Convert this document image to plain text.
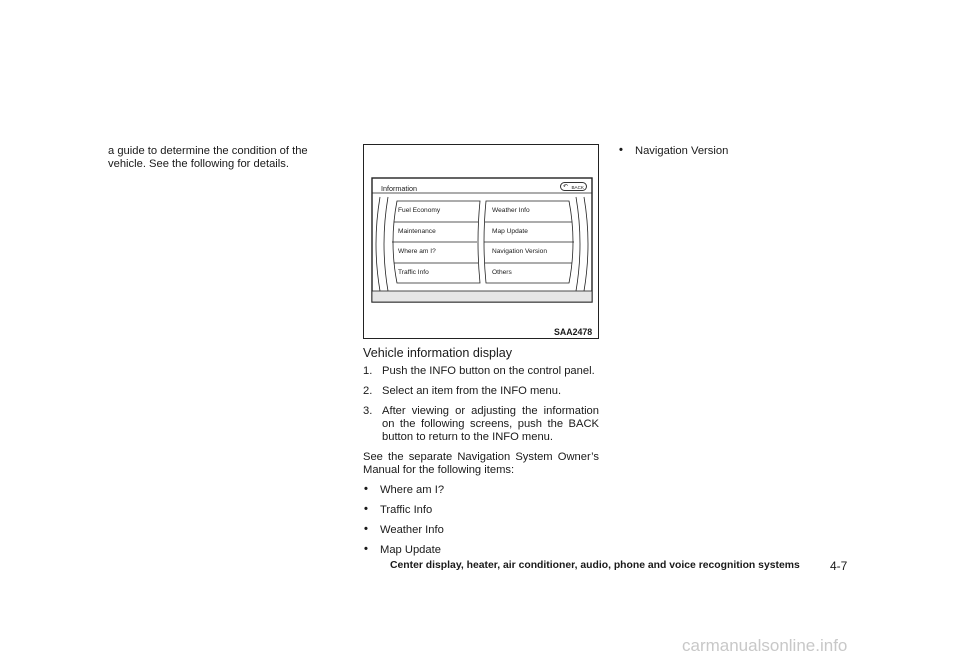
a guide to determine the condition of the vehicle. See the following for details.

Information	↶ BACK
Fuel Economy
Maintenance
Where am I?
Traffic Info
Weather Info
Map Update
Navigation Version
Others
SAA2478
Vehicle information display
1. Push the INFO button on the control panel.
2. Select an item from the INFO menu.
3. After viewing or adjusting the information on the following screens, push the BACK button to return to the INFO menu.

See the separate Navigation System Owner’s Manual for the following items:

• Where am I?
• Traffic Info
• Weather Info
• Map Update
• Navigation Version
Center display, heater, air conditioner, audio, phone and voice recognition systems	4-7
carmanualsonline.info
